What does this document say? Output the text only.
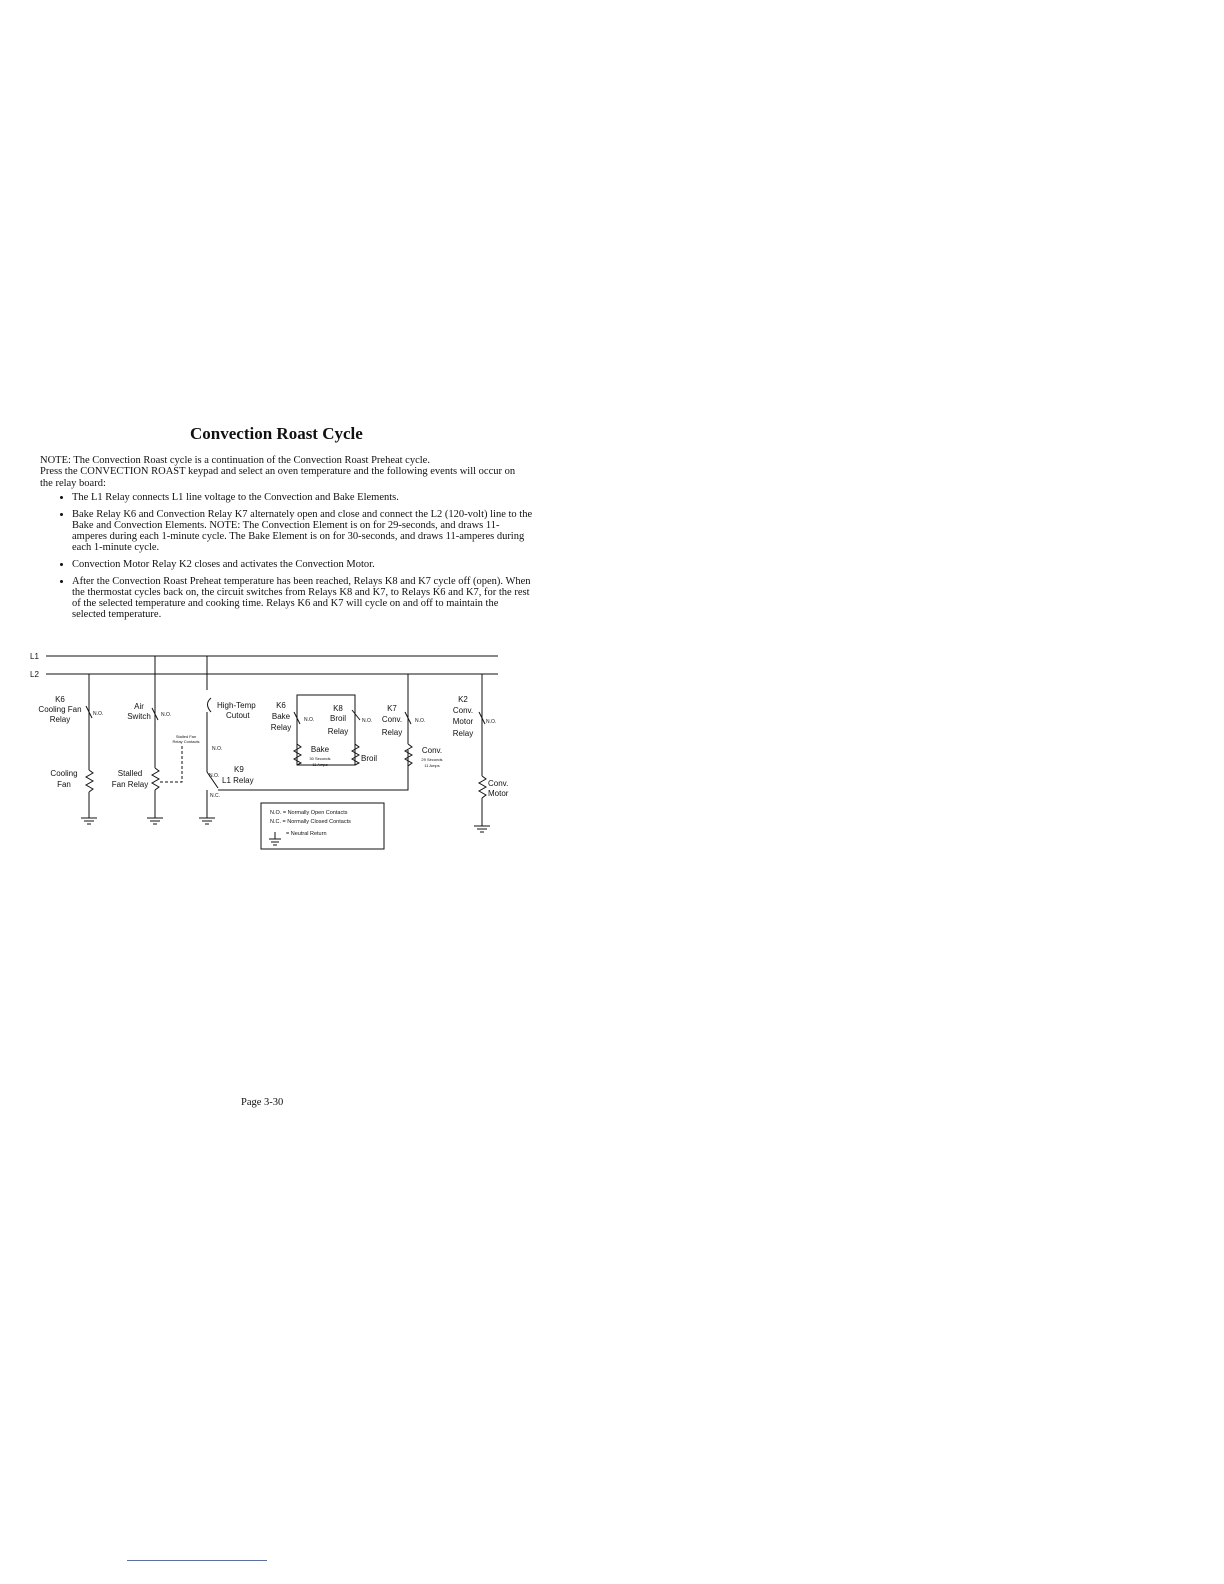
Convection Roast Cycle

NOTE: The Convection Roast cycle is a continuation of the Convection Roast Preheat cycle.

Press the CONVECTION ROAST keypad and select an oven temperature and the following events will occur on the relay board:

• The L1 Relay connects L1 line voltage to the Convection and Bake Elements.
• Bake Relay K6 and Convection Relay K7 alternately open and close and connect the L2 (120-volt) line to the Bake and Convection Elements. NOTE: The Convection Element is on for 29-seconds, and draws 11-amperes during each 1-minute cycle. The Bake Element is on for 30-seconds, and draws 11-amperes during each 1-minute cycle.
• Convection Motor Relay K2 closes and activates the Convection Motor.
• After the Convection Roast Preheat temperature has been reached, Relays K8 and K7 cycle off (open). When the thermostat cycles back on, the circuit switches from Relays K8 and K7, to Relays K6 and K7, for the rest of the selected temperature and cooking time. Relays K6 and K7 will cycle on and off to maintain the selected temperature.
L1
L2
K6
Cooling Fan
Relay
N.O.
Air
Switch N.O.
Stalled Fan
Relay Contacts
N.O.
High-Temp
Cutout
K6
Bake
Relay
N.O.
K8
Broil
Relay
N.O.
K7
Conv.
Relay
N.O.
K2
Conv.
Motor
Relay
N.O.
Bake
30 Seconds
11 Amps
Broil
Conv.
29 Seconds
11 Amps
Cooling
Fan
Stalled
Fan Relay
K9
L1 Relay
N.O.
N.C.
Conv.
Motor
N.O. = Normally Open Contacts
N.C. = Normally Closed Contacts
= Neutral Return

Page 3-30
